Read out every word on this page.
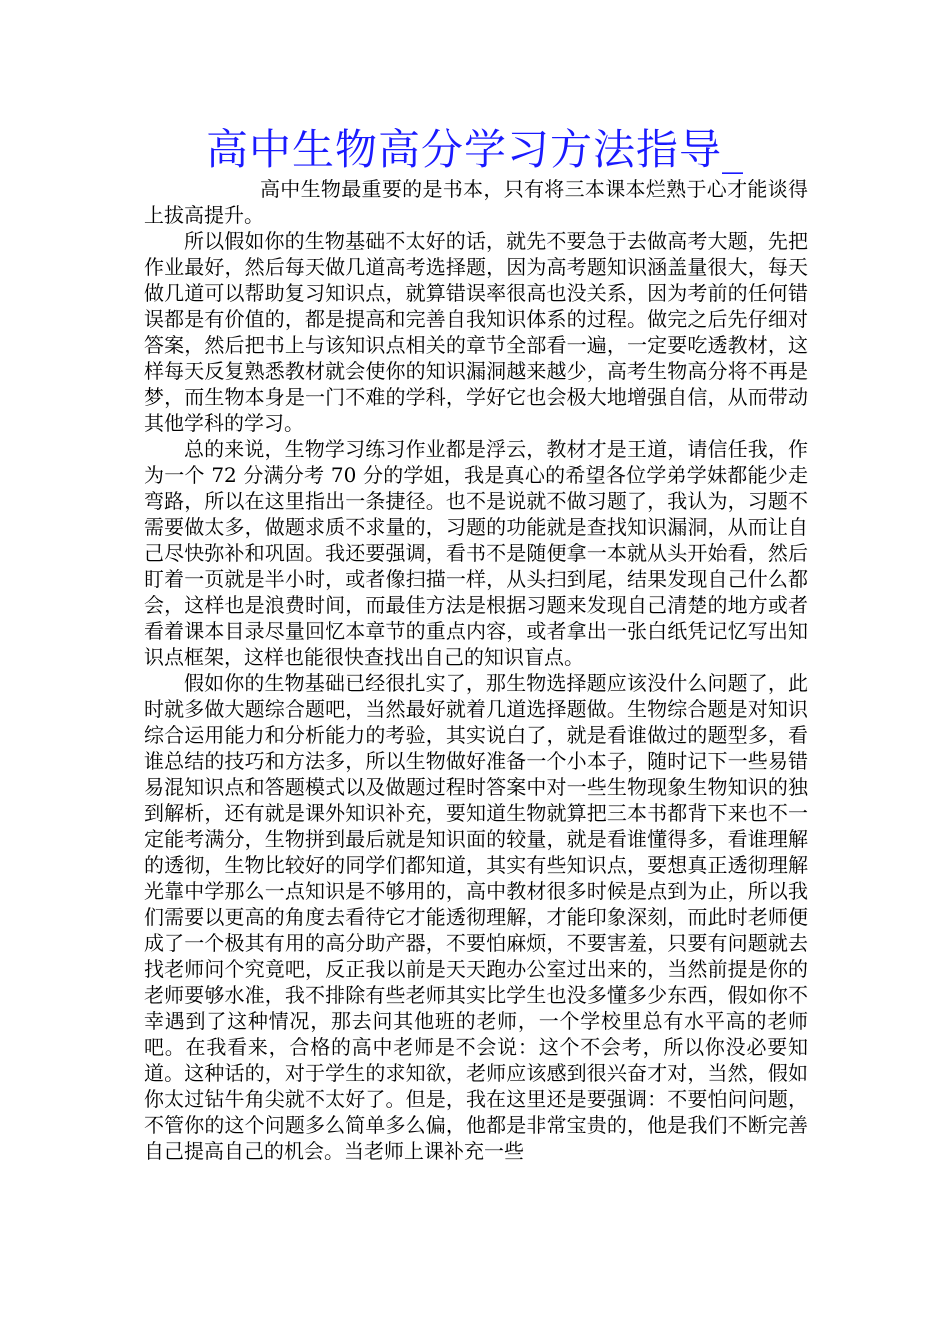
高中生物高分学习方法指导_

高中生物最重要的是书本，只有将三本课本烂熟于心才能谈得上拔高提升。

所以假如你的生物基础不太好的话，就先不要急于去做高考大题，先把作业最好，然后每天做几道高考选择题，因为高考题知识涵盖量很大，每天做几道可以帮助复习知识点，就算错误率很高也没关系，因为考前的任何错误都是有价值的，都是提高和完善自我知识体系的过程。做完之后先仔细对答案，然后把书上与该知识点相关的章节全部看一遍，一定要吃透教材，这样每天反复熟悉教材就会使你的知识漏洞越来越少，高考生物高分将不再是梦，而生物本身是一门不难的学科，学好它也会极大地增强自信，从而带动其他学科的学习。

总的来说，生物学习练习作业都是浮云，教材才是王道，请信任我，作为一个 72 分满分考 70 分的学姐，我是真心的希望各位学弟学妹都能少走弯路，所以在这里指出一条捷径。也不是说就不做习题了，我认为，习题不需要做太多，做题求质不求量的，习题的功能就是查找知识漏洞，从而让自己尽快弥补和巩固。我还要强调，看书不是随便拿一本就从头开始看，然后盯着一页就是半小时，或者像扫描一样，从头扫到尾，结果发现自己什么都会，这样也是浪费时间，而最佳方法是根据习题来发现自己清楚的地方或者看着课本目录尽量回忆本章节的重点内容，或者拿出一张白纸凭记忆写出知识点框架，这样也能很快查找出自己的知识盲点。

假如你的生物基础已经很扎实了，那生物选择题应该没什么问题了，此时就多做大题综合题吧，当然最好就着几道选择题做。生物综合题是对知识综合运用能力和分析能力的考验，其实说白了，就是看谁做过的题型多，看谁总结的技巧和方法多，所以生物做好准备一个小本子，随时记下一些易错易混知识点和答题模式以及做题过程时答案中对一些生物现象生物知识的独到解析，还有就是课外知识补充，要知道生物就算把三本书都背下来也不一定能考满分，生物拼到最后就是知识面的较量，就是看谁懂得多，看谁理解的透彻，生物比较好的同学们都知道，其实有些知识点，要想真正透彻理解光靠中学那么一点知识是不够用的，高中教材很多时候是点到为止，所以我们需要以更高的角度去看待它才能透彻理解，才能印象深刻，而此时老师便成了一个极其有用的高分助产器，不要怕麻烦，不要害羞，只要有问题就去找老师问个究竟吧，反正我以前是天天跑办公室过出来的，当然前提是你的老师要够水准，我不排除有些老师其实比学生也没多懂多少东西，假如你不幸遇到了这种情况，那去问其他班的老师，一个学校里总有水平高的老师吧。在我看来，合格的高中老师是不会说：这个不会考，所以你没必要知道。这种话的，对于学生的求知欲，老师应该感到很兴奋才对，当然，假如你太过钻牛角尖就不太好了。但是，我在这里还是要强调：不要怕问问题，不管你的这个问题多么简单多么偏，他都是非常宝贵的，他是我们不断完善自己提高自己的机会。当老师上课补充一些
